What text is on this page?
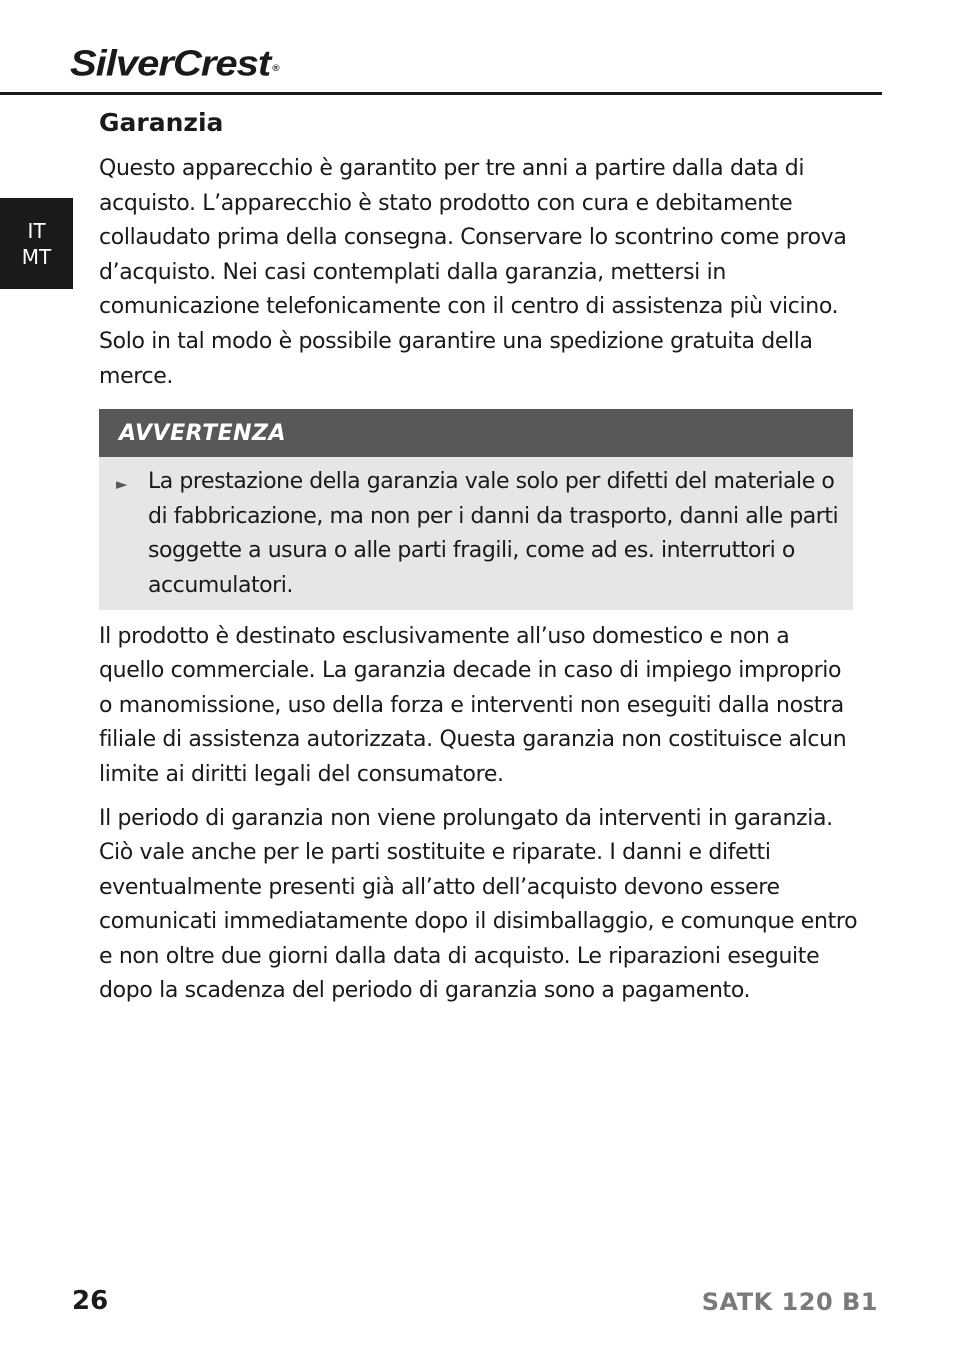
SilverCrest ®
IT
MT
Garanzia

Questo apparecchio è garantito per tre anni a partire dalla data di acquisto. L’apparecchio è stato prodotto con cura e debitamente collaudato prima della consegna. Conservare lo scontrino come prova d’acquisto. Nei casi contemplati dalla garanzia, mettersi in comunicazione telefonicamente con il centro di assistenza più vicino. Solo in tal modo è possibile garantire una spedizione gratuita della merce.

AVVERTENZA
► La prestazione della garanzia vale solo per difetti del materiale o di fabbricazione, ma non per i danni da trasporto, danni alle parti soggette a usura o alle parti fragili, come ad es. interruttori o accumulatori.

Il prodotto è destinato esclusivamente all’uso domestico e non a quello commerciale. La garanzia decade in caso di impiego improprio o manomissione, uso della forza e interventi non eseguiti dalla nostra filiale di assistenza autorizzata. Questa garanzia non costituisce alcun limite ai diritti legali del consumatore.

Il periodo di garanzia non viene prolungato da interventi in garanzia. Ciò vale anche per le parti sostituite e riparate. I danni e difetti eventualmente presenti già all’atto dell’acquisto devono essere comunicati immediatamente dopo il disimballaggio, e comunque entro e non oltre due giorni dalla data di acquisto. Le riparazioni eseguite dopo la scadenza del periodo di garanzia sono a pagamento.

26	SATK 120 B1
